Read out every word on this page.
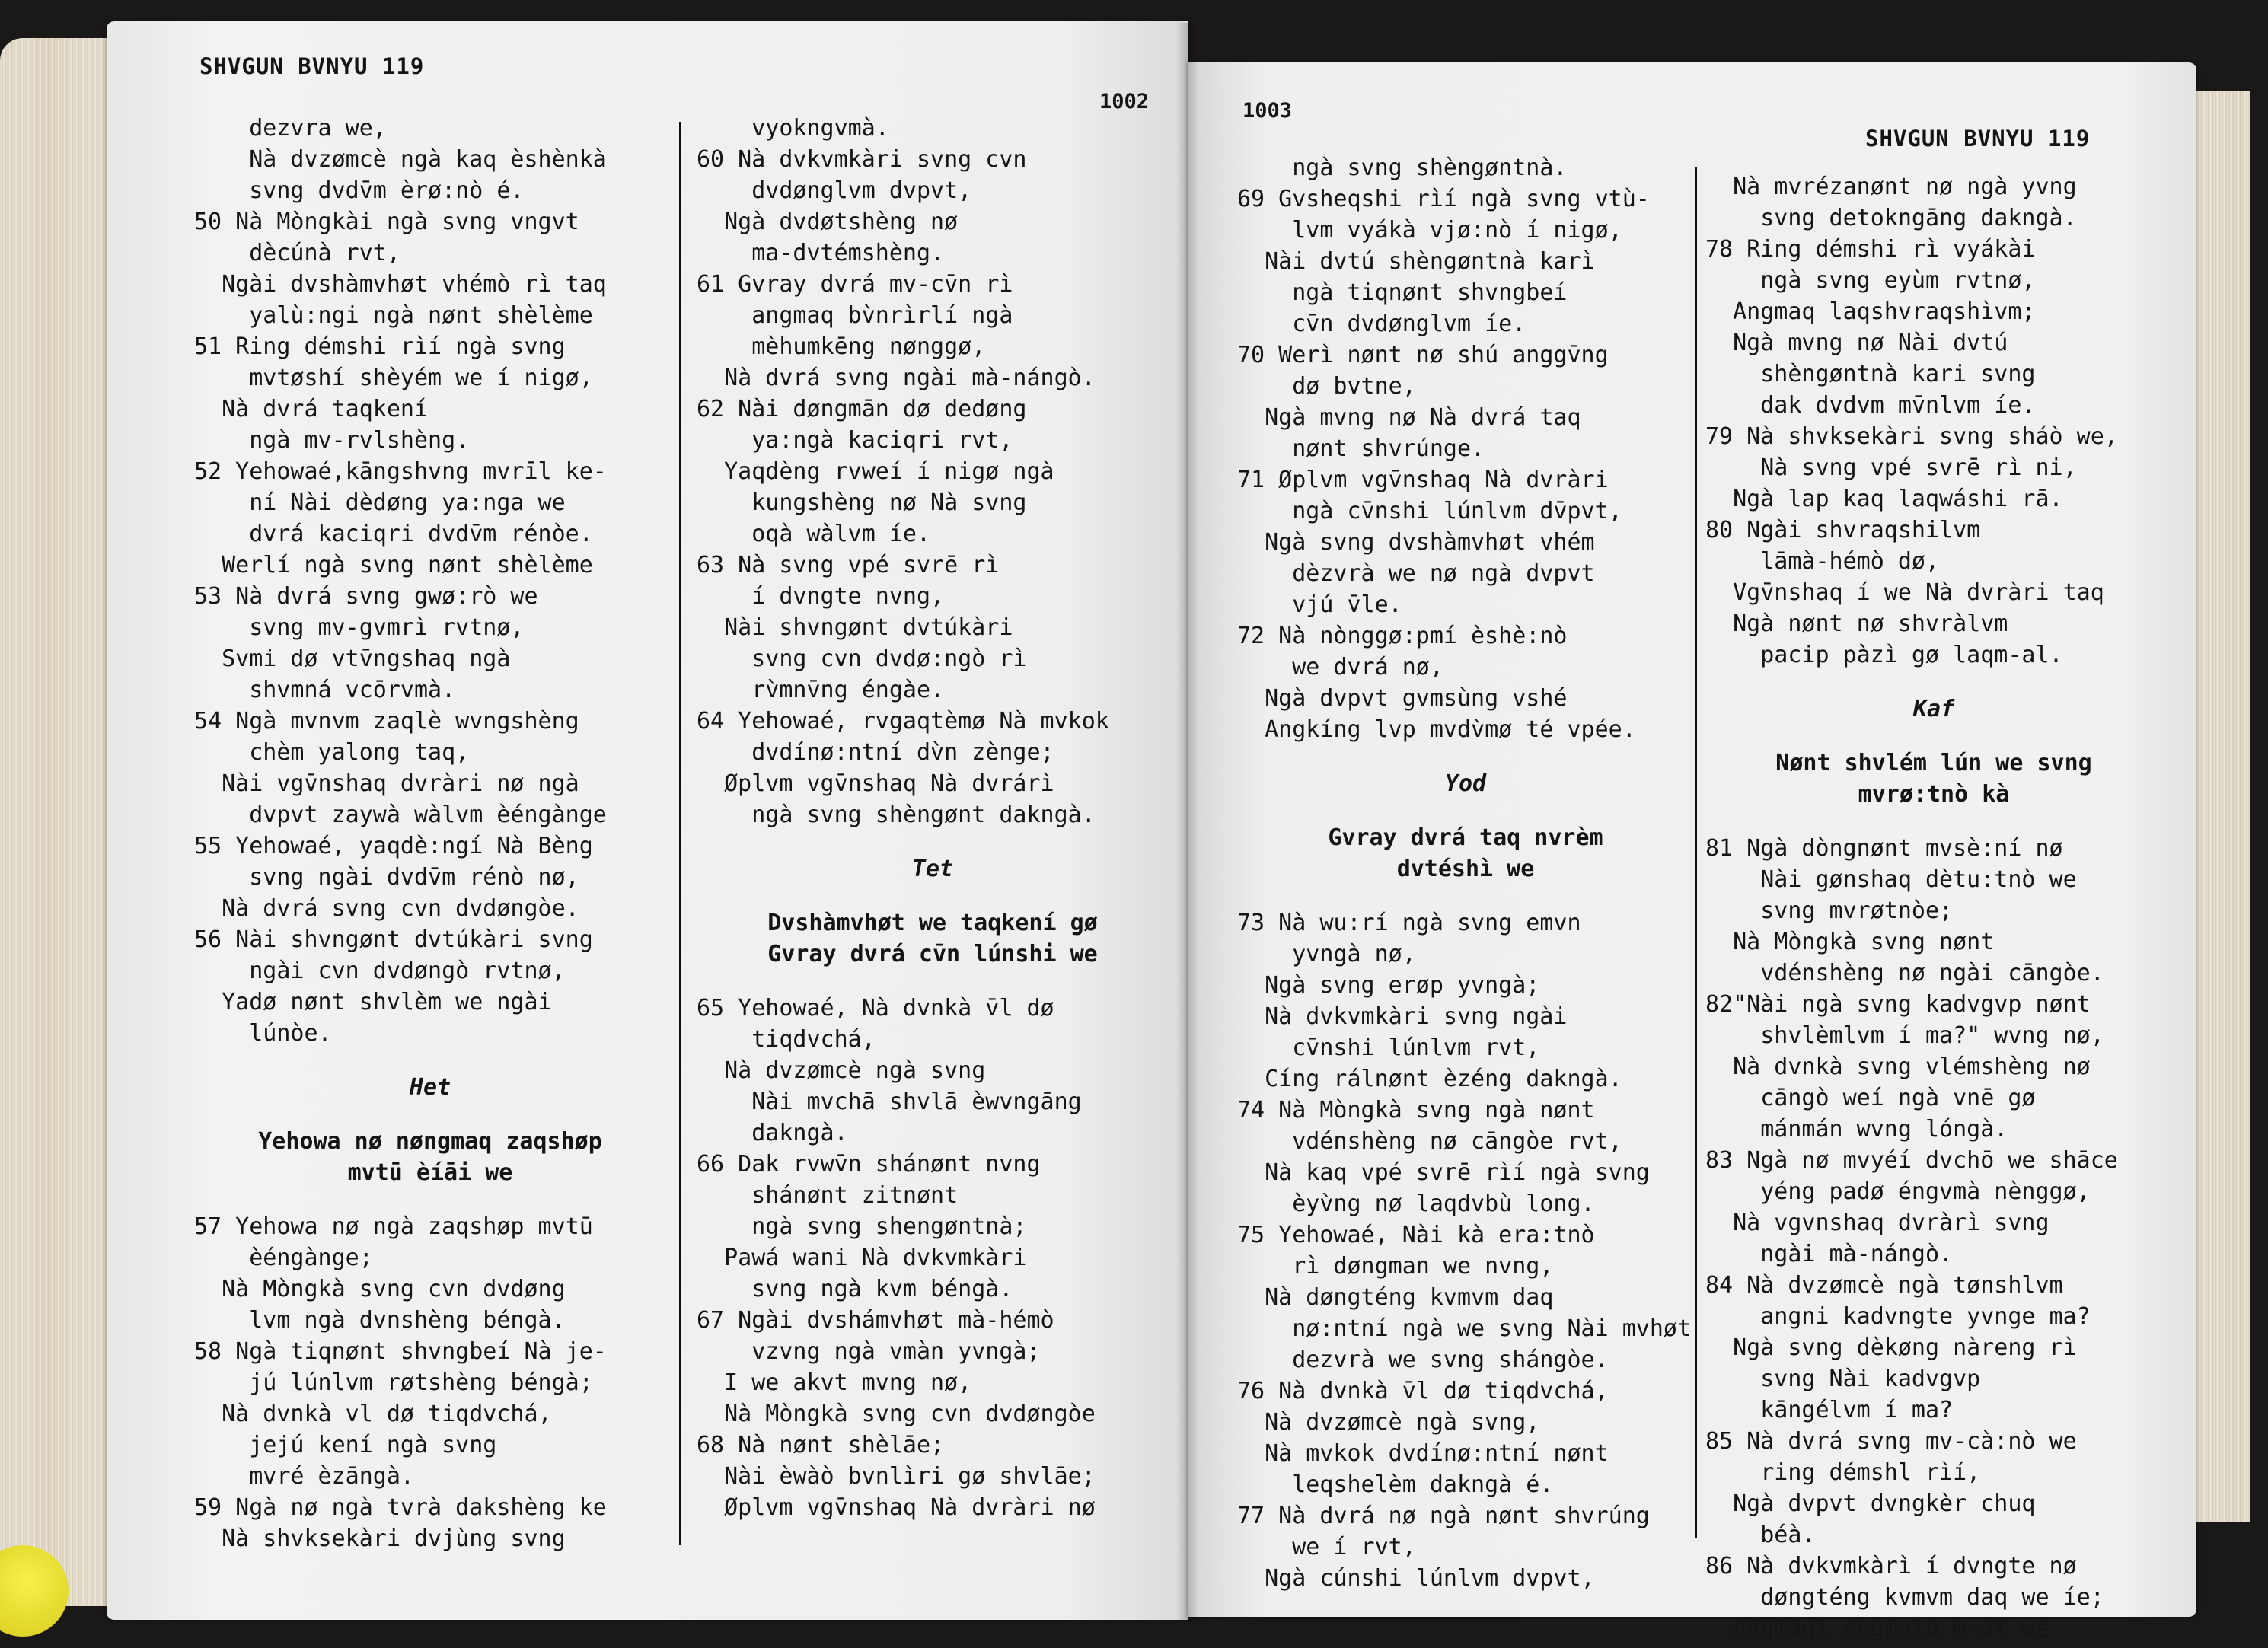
SHVGUN BVNYU 119
1002	1003
SHVGUN BVNYU 119
dezvra we,
Nà dvzømcè ngà kaq èshènkà
svng dvdv̄m èrø:nò é.
50 Nà Mòngkài ngà svng vngvt
dècúnà rvt,
Ngài dvshàmvhøt vhémò rì taq
yalù:ngi ngà nønt shèlème
51 Ring démshi rìí ngà svng
mvtøshí shèyém we í nigø,
Nà dvrá taqkení
ngà mv-rvlshèng.
52 Yehowaé,kāngshvng mvrīl ke-
ní Nài dèdøng ya:nga we
dvrá kaciqri dvdv̄m rénòe.
Werlí ngà svng nønt shèlème
53 Nà dvrá svng gwø:rò we
svng mv-gvmrì rvtnø,
Svmi dø vtv̄ngshaq ngà
shvmná vcōrvmà.
54 Ngà mvnvm zaqlè wvngshèng
chèm yalong taq,
Nài vgv̄nshaq dvràri nø ngà
dvpvt zaywà wàlvm èéngànge
55 Yehowaé, yaqdè:ngí Nà Bèng
svng ngài dvdv̄m rénò nø,
Nà dvrá svng cvn dvdøngòe.
56 Nài shvngønt dvtúkàri svng
ngài cvn dvdøngò rvtnø,
Yadø nønt shvlèm we ngài
lúnòe.
Het
Yehowa nø nøngmaq zaqshøp
mvtū èíāi we
57 Yehowa nø ngà zaqshøp mvtū
èéngànge;
Nà Mòngkà svng cvn dvdøng
lvm ngà dvnshèng béngà.
58 Ngà tiqnønt shvngbeí Nà je-
jú lúnlvm røtshèng béngà;
Nà dvnkà vl dø tiqdvchá,
jejú kení ngà svng
mvré èzāngà.
59 Ngà nø ngà tvrà dakshèng ke
Nà shvksekàri dvjùng svng
vyokngvmà.
60 Nà dvkvmkàri svng cvn
dvdønglvm dvpvt,
Ngà dvdøtshèng nø
ma-dvtémshèng.
61 Gvray dvrá mv-cv̄n rì
angmaq bv̀nrìrlí ngà
mèhumkēng nønggø,
Nà dvrá svng ngài mà-nángò.
62 Nài døngmān dø dedøng
ya:ngà kaciqri rvt,
Yaqdèng rvweí í nigø ngà
kungshèng nø Nà svng
oqà wàlvm íe.
63 Nà svng vpé svrē rì
í dvngte nvng,
Nài shvngønt dvtúkàri
svng cvn dvdø:ngò rì
rv̀mnv̄ng éngàe.
64 Yehowaé, rvgaqtèmø Nà mvkok
dvdínø:ntní dv̀n zènge;
Øplvm vgv̄nshaq Nà dvrárì
ngà svng shèngønt dakngà.
Tet
Dvshàmvhøt we taqkení gø
Gvray dvrá cv̄n lúnshi we
65 Yehowaé, Nà dvnkà v̄l dø
tiqdvchá,
Nà dvzømcè ngà svng
Nài mvchā shvlā èwvngāng
dakngà.
66 Dak rvwv̄n shánønt nvng
shánønt zitnønt
ngà svng shengøntnà;
Pawá wani Nà dvkvmkàri
svng ngà kvm béngà.
67 Ngài dvshámvhøt mà-hémò
vzvng ngà vmàn yvngà;
I we akvt mvng nø,
Nà Mòngkà svng cvn dvdøngòe
68 Nà nønt shèlāe;
Nài èwàò bvnlìri gø shvlāe;
Øplvm vgv̄nshaq Nà dvràri nø
ngà svng shèngøntnà.
69 Gvsheqshi rìí ngà svng vtù-
lvm vyákà vjø:nò í nigø,
Nài dvtú shèngøntnà karì
ngà tiqnønt shvngbeí
cv̄n dvdønglvm íe.
70 Werì nønt nø shú anggv̄ng
dø bvtne,
Ngà mvng nø Nà dvrá taq
nønt shvrúnge.
71 Øplvm vgv̄nshaq Nà dvràri
ngà cv̄nshi lúnlvm dv̄pvt,
Ngà svng dvshàmvhøt vhém
dèzvrà we nø ngà dvpvt
vjú v̄le.
72 Nà nònggø:pmí èshè:nò
we dvrá nø,
Ngà dvpvt gvmsùng vshé
Angkíng lvp mvdv̀mø té vpée.
Yod
Gvray dvrá taq nvrèm
dvtéshì we
73 Nà wu:rí ngà svng emvn
yvngà nø,
Ngà svng erøp yvngà;
Nà dvkvmkàri svng ngài
cv̄nshi lúnlvm rvt,
Cíng rálnønt èzéng dakngà.
74 Nà Mòngkà svng ngà nønt
vdénshèng nø cāngòe rvt,
Nà kaq vpé svrē rìí ngà svng
èyv̀ng nø laqdvbù long.
75 Yehowaé, Nài kà era:tnò
rì døngman we nvng,
Nà døngténg kvmvm daq
nø:ntní ngà we svng Nài mvhøt
dezvrà we svng shángòe.
76 Nà dvnkà v̄l dø tiqdvchá,
Nà dvzømcè ngà svng,
Nà mvkok dvdínø:ntní nønt
leqshelèm dakngà é.
77 Nà dvrá nø ngà nønt shvrúng
we í rvt,
Ngà cúnshi lúnlvm dvpvt,
Nà mvrézanønt nø ngà yvng
svng detokngāng dakngà.
78 Ring démshi rì vyákài
ngà svng eyùm rvtnø,
Angmaq laqshvraqshìvm;
Ngà mvng nø Nài dvtú
shèngøntnà kari svng
dak dvdvm mv̄nlvm íe.
79 Nà shvksekàri svng sháò we,
Nà svng vpé svrē rì ni,
Ngà lap kaq laqwáshi rā.
80 Ngài shvraqshilvm
lāmà-hémò dø,
Vgv̄nshaq í we Nà dvràri taq
Ngà nønt nø shvràlvm
pacip pàzì gø laqm-al.
Kaf
Nønt shvlém lún we svng
mvrø:tnò kà
81 Ngà dòngnønt mvsè:ní nø
Nài gønshaq dètu:tnò we
svng mvrøtnòe;
Nà Mòngkà svng nønt
vdénshèng nø ngài cāngòe.
82"Nài ngà svng kadvgvp nønt
shvlèmlvm í ma?" wvng nø,
Nà dvnkà svng vlémshèng nø
cāngò weí ngà vnē gø
mánmán wvng lóngà.
83 Ngà nø mvyéí dvchō we shāce
yéng padø éngvmà nènggø,
Nà vgvnshaq dvràrì svng
ngài mà-nángò.
84 Nà dvzømcè ngà tønshlvm
angni kadvngte yvnge ma?
Ngà svng dèkøng nàreng rì
svng Nài kadvgvp
kāngélvm í ma?
85 Nà dvrá svng mv-cà:nò we
ring démshl rìí,
Ngà dvpvt dvngkèr chuq
béà.
86 Nà dvkvmkàrì í dvngte nø
døngténg kvmvm daq we íe;
Angmaqí angmvtú m-al we
